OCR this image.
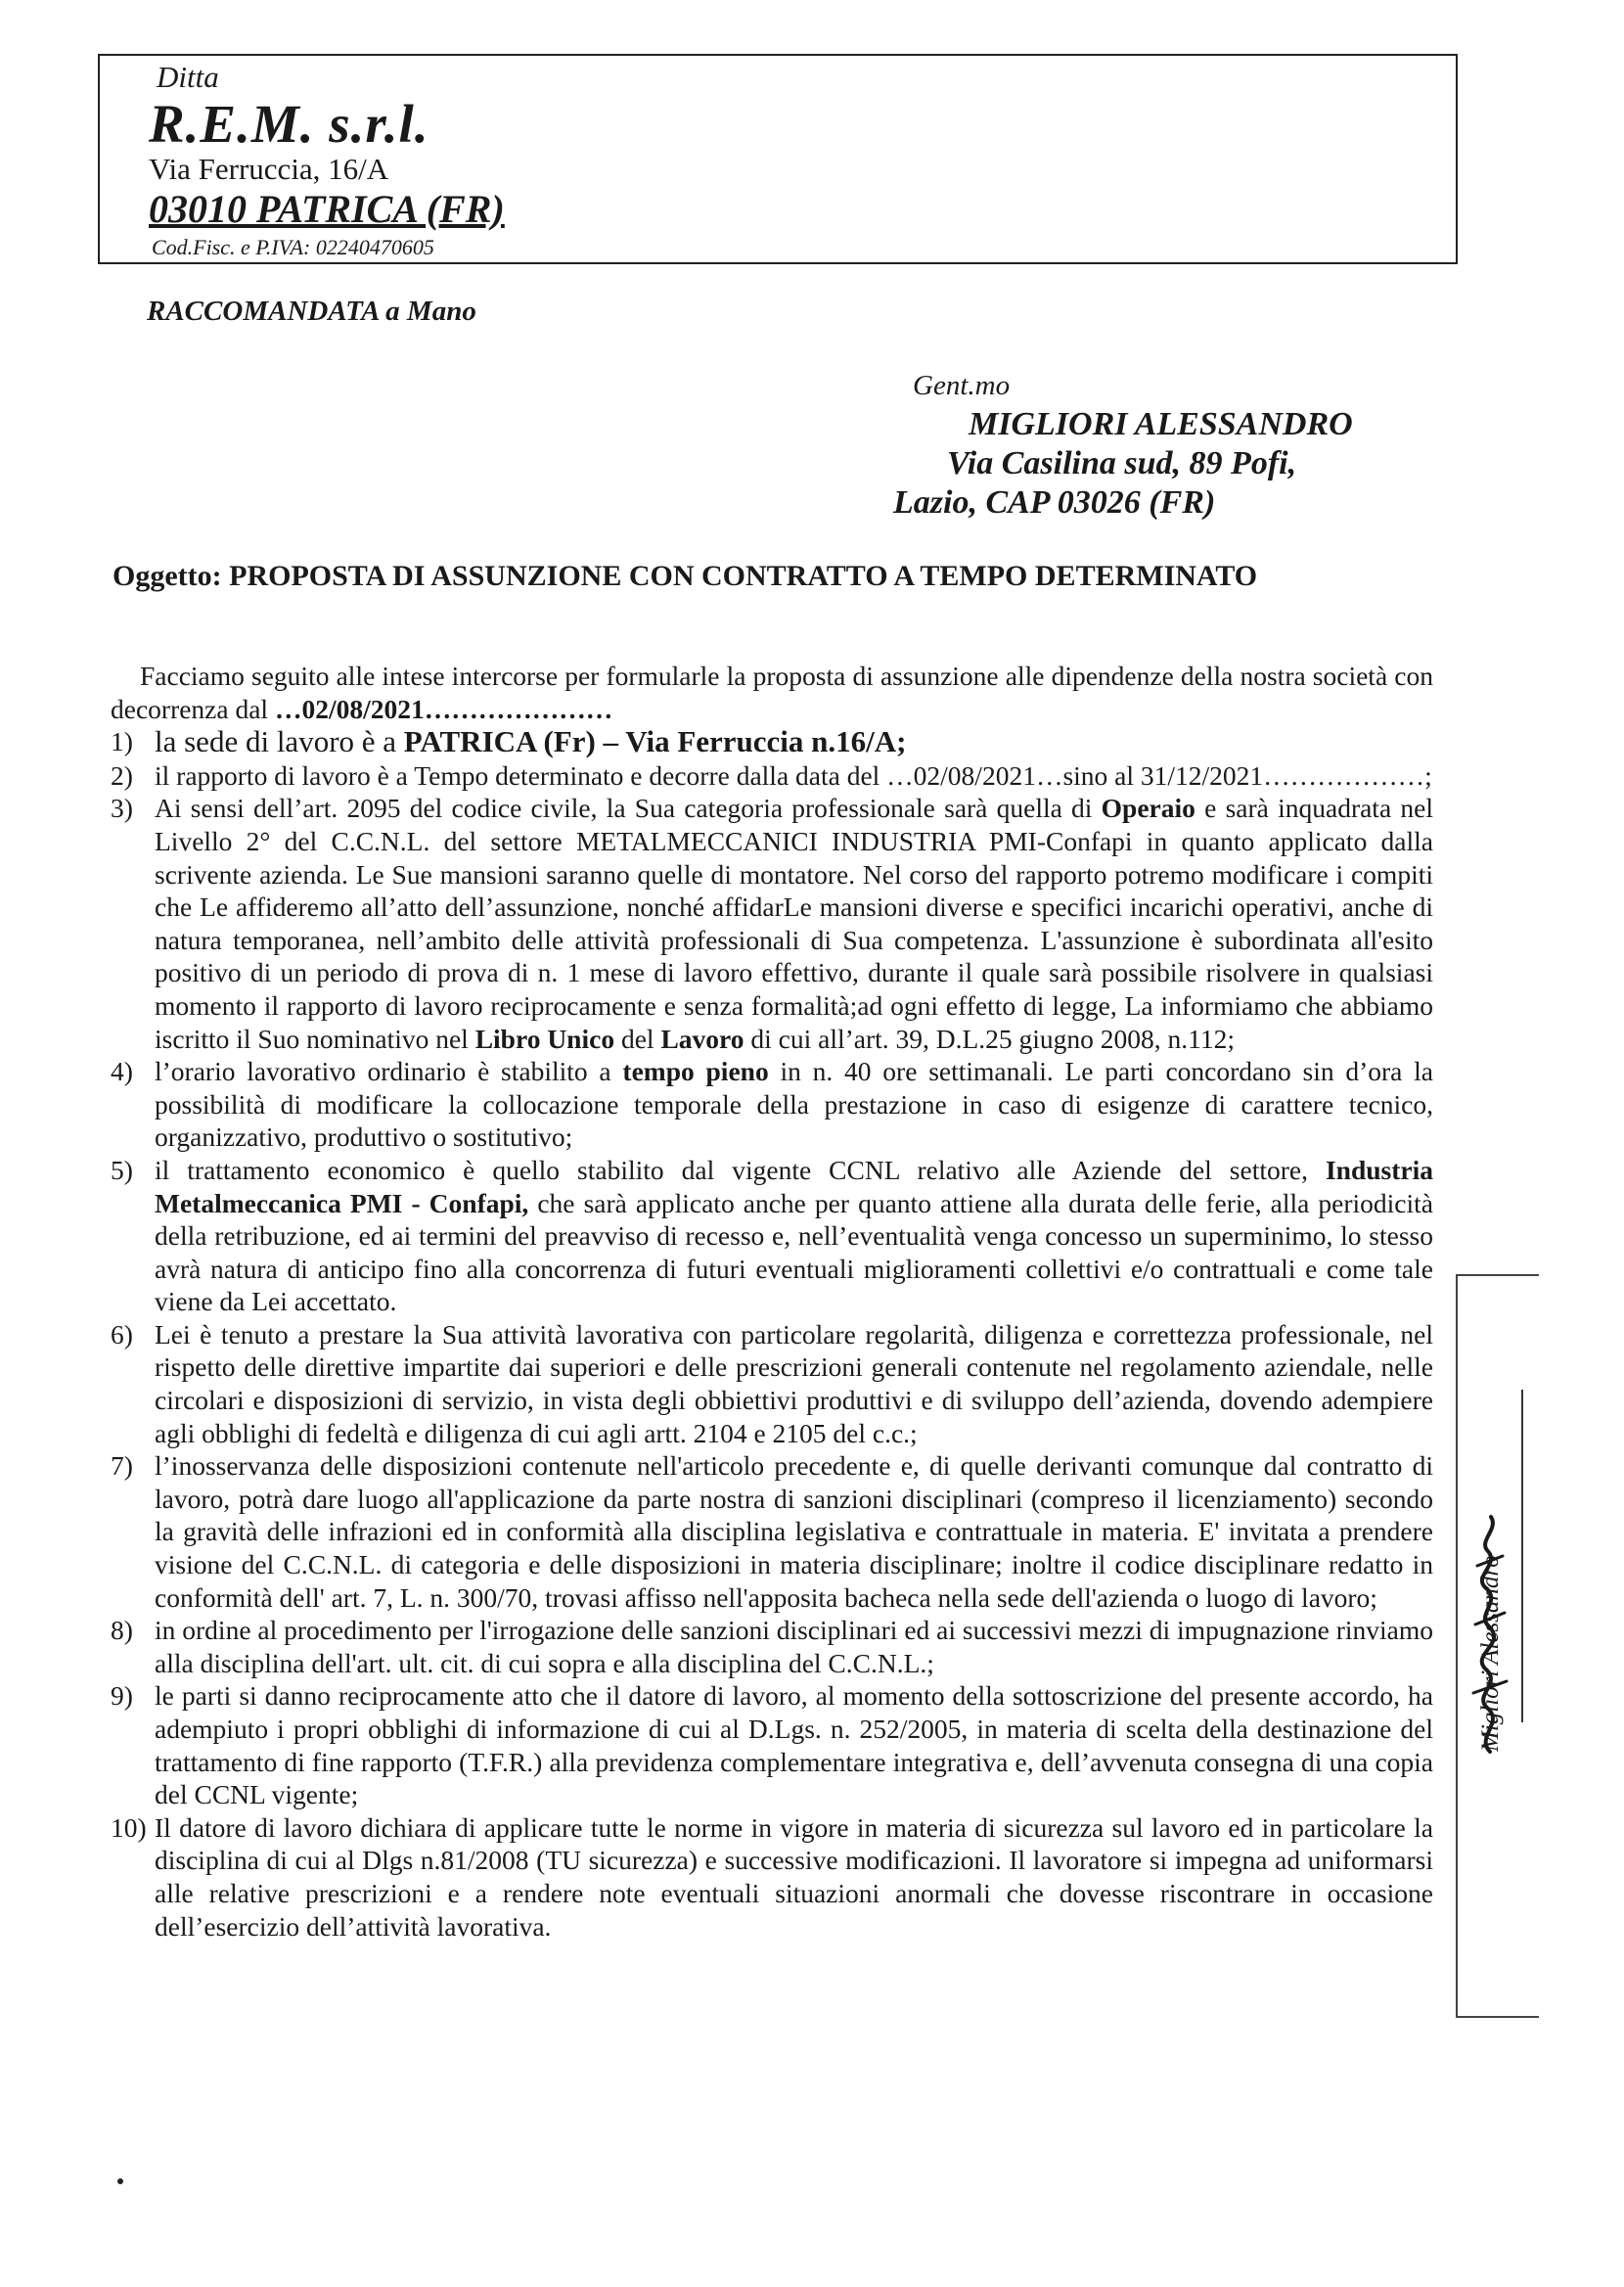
Ditta
R.E.M. s.r.l.
Via Ferruccia, 16/A
03010 PATRICA (FR)
Cod.Fisc. e P.IVA: 02240470605
RACCOMANDATA a Mano
Gent.mo
MIGLIORI ALESSANDRO
Via Casilina sud, 89 Pofi,
Lazio, CAP 03026 (FR)
Oggetto: PROPOSTA DI ASSUNZIONE CON CONTRATTO A TEMPO DETERMINATO

Facciamo seguito alle intese intercorse per formularle la proposta di assunzione alle dipendenze della nostra società con decorrenza dal …02/08/2021…………………

1) la sede di lavoro è a PATRICA (Fr) – Via Ferruccia n.16/A;
2) il rapporto di lavoro è a Tempo determinato e decorre dalla data del …02/08/2021…sino al 31/12/2021………………;
3) Ai sensi dell’art. 2095 del codice civile, la Sua categoria professionale sarà quella di Operaio e sarà inquadrata nel Livello 2° del C.C.N.L. del settore METALMECCANICI INDUSTRIA PMI-Confapi in quanto applicato dalla scrivente azienda. Le Sue mansioni saranno quelle di montatore. Nel corso del rapporto potremo modificare i compiti che Le affideremo all’atto dell’assunzione, nonché affidarLe mansioni diverse e specifici incarichi operativi, anche di natura temporanea, nell’ambito delle attività professionali di Sua competenza. L'assunzione è subordinata all'esito positivo di un periodo di prova di n. 1 mese di lavoro effettivo, durante il quale sarà possibile risolvere in qualsiasi momento il rapporto di lavoro reciprocamente e senza formalità;ad ogni effetto di legge, La informiamo che abbiamo iscritto il Suo nominativo nel Libro Unico del Lavoro di cui all’art. 39, D.L.25 giugno 2008, n.112;
4) l’orario lavorativo ordinario è stabilito a tempo pieno in n. 40 ore settimanali. Le parti concordano sin d’ora la possibilità di modificare la collocazione temporale della prestazione in caso di esigenze di carattere tecnico, organizzativo, produttivo o sostitutivo;
5) il trattamento economico è quello stabilito dal vigente CCNL relativo alle Aziende del settore, Industria Metalmeccanica PMI - Confapi, che sarà applicato anche per quanto attiene alla durata delle ferie, alla periodicità della retribuzione, ed ai termini del preavviso di recesso e, nell’eventualità venga concesso un superminimo, lo stesso avrà natura di anticipo fino alla concorrenza di futuri eventuali miglioramenti collettivi e/o contrattuali e come tale viene da Lei accettato.
6) Lei è tenuto a prestare la Sua attività lavorativa con particolare regolarità, diligenza e correttezza professionale, nel rispetto delle direttive impartite dai superiori e delle prescrizioni generali contenute nel regolamento aziendale, nelle circolari e disposizioni di servizio, in vista degli obbiettivi produttivi e di sviluppo dell’azienda, dovendo adempiere agli obblighi di fedeltà e diligenza di cui agli artt. 2104 e 2105 del c.c.;
7) l’inosservanza delle disposizioni contenute nell'articolo precedente e, di quelle derivanti comunque dal contratto di lavoro, potrà dare luogo all'applicazione da parte nostra di sanzioni disciplinari (compreso il licenziamento) secondo la gravità delle infrazioni ed in conformità alla disciplina legislativa e contrattuale in materia. E' invitata a prendere visione del C.C.N.L. di categoria e delle disposizioni in materia disciplinare; inoltre il codice disciplinare redatto in conformità dell' art. 7, L. n. 300/70, trovasi affisso nell'apposita bacheca nella sede dell'azienda o luogo di lavoro;
8) in ordine al procedimento per l'irrogazione delle sanzioni disciplinari ed ai successivi mezzi di impugnazione rinviamo alla disciplina dell'art. ult. cit. di cui sopra e alla disciplina del C.C.N.L.;
9) le parti si danno reciprocamente atto che il datore di lavoro, al momento della sottoscrizione del presente accordo, ha adempiuto i propri obblighi di informazione di cui al D.Lgs. n. 252/2005, in materia di scelta della destinazione del trattamento di fine rapporto (T.F.R.) alla previdenza complementare integrativa e, dell’avvenuta consegna di una copia del CCNL vigente;
10) Il datore di lavoro dichiara di applicare tutte le norme in vigore in materia di sicurezza sul lavoro ed in particolare la disciplina di cui al Dlgs n.81/2008 (TU sicurezza) e successive modificazioni. Il lavoratore si impegna ad uniformarsi alle relative prescrizioni e a rendere note eventuali situazioni anormali che dovesse riscontrare in occasione dell’esercizio dell’attività lavorativa.
Migliori Alessandro
